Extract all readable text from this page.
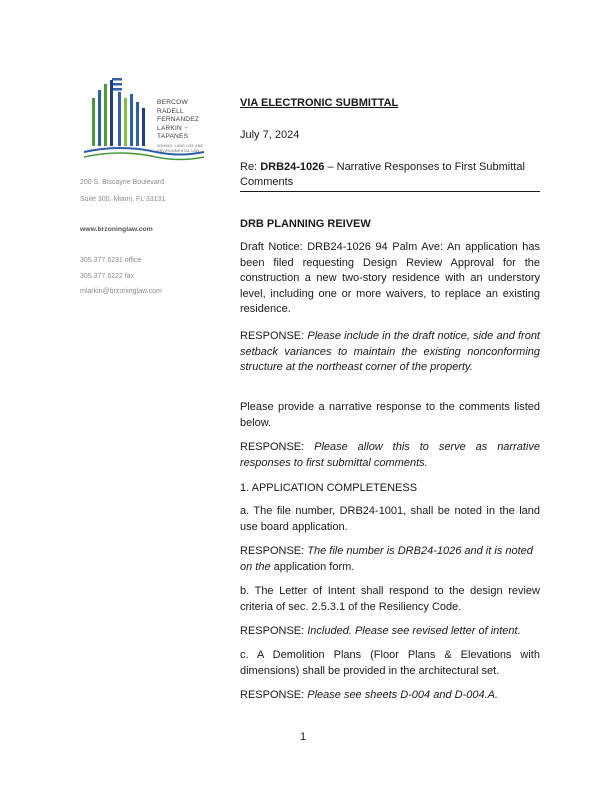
BERCOW
RADELL
FERNANDEZ
LARKIN +
TAPANES
ZONING, LAND USE AND
ENVIRONMENTAL LAW
200 S. Biscayne Boulevard
Suite 300, Miami, FL 33131
www.brzoninglaw.com
305.377.6231 office
305.377.6222 fax
mlarkin@brzoninglaw.com
VIA ELECTRONIC SUBMITTAL
July 7, 2024
Re: DRB24-1026 – Narrative Responses to First Submittal Comments
DRB PLANNING REIVEW

Draft Notice: DRB24-1026 94 Palm Ave: An application has been filed requesting Design Review Approval for the construction a new two-story residence with an understory level, including one or more waivers, to replace an existing residence.

RESPONSE: Please include in the draft notice, side and front setback variances to maintain the existing nonconforming structure at the northeast corner of the property.

Please provide a narrative response to the comments listed below.

RESPONSE: Please allow this to serve as narrative responses to first submittal comments.

1. APPLICATION COMPLETENESS

a. The file number, DRB24-1001, shall be noted in the land use board application.

RESPONSE: The file number is DRB24-1026 and it is noted on the application form.

b. The Letter of Intent shall respond to the design review criteria of sec. 2.5.3.1 of the Resiliency Code.

RESPONSE: Included. Please see revised letter of intent.

c. A Demolition Plans (Floor Plans & Elevations with dimensions) shall be provided in the architectural set.

RESPONSE: Please see sheets D-004 and D-004.A.

1
